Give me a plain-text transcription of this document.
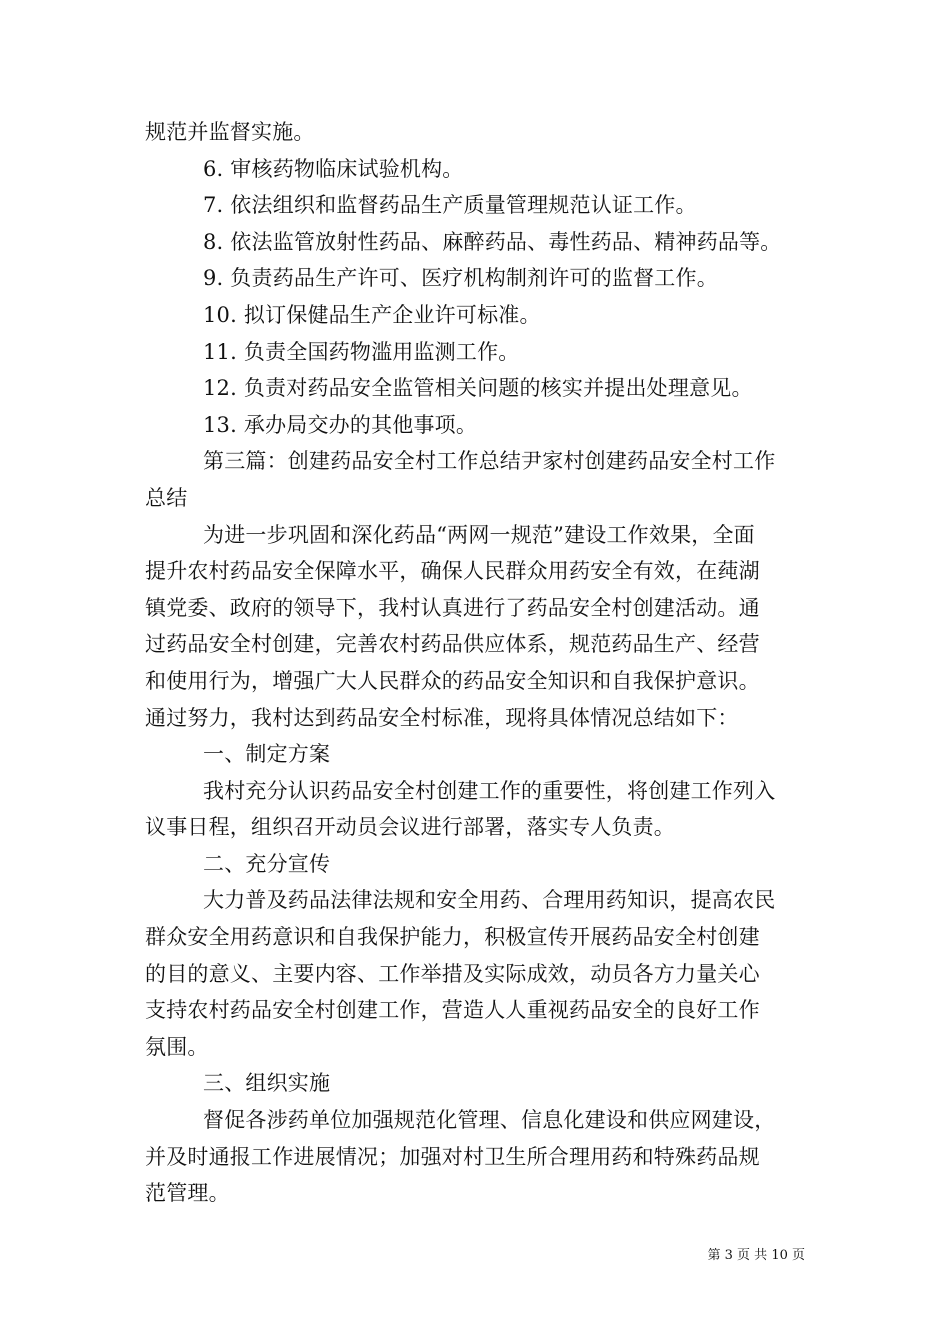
规范并监督实施。
6. 审核药物临床试验机构。
7. 依法组织和监督药品生产质量管理规范认证工作。
8. 依法监管放射性药品、麻醉药品、毒性药品、精神药品等。
9. 负责药品生产许可、医疗机构制剂许可的监督工作。
10. 拟订保健品生产企业许可标准。
11. 负责全国药物滥用监测工作。
12. 负责对药品安全监管相关问题的核实并提出处理意见。
13. 承办局交办的其他事项。
第三篇：创建药品安全村工作总结尹家村创建药品安全村工作
总结
为进一步巩固和深化药品“两网一规范”建设工作效果，全面
提升农村药品安全保障水平，确保人民群众用药安全有效，在莼湖
镇党委、政府的领导下，我村认真进行了药品安全村创建活动。通
过药品安全村创建，完善农村药品供应体系，规范药品生产、经营
和使用行为，增强广大人民群众的药品安全知识和自我保护意识。
通过努力，我村达到药品安全村标准，现将具体情况总结如下：
一、制定方案
我村充分认识药品安全村创建工作的重要性，将创建工作列入
议事日程，组织召开动员会议进行部署，落实专人负责。
二、充分宣传
大力普及药品法律法规和安全用药、合理用药知识，提高农民
群众安全用药意识和自我保护能力，积极宣传开展药品安全村创建
的目的意义、主要内容、工作举措及实际成效，动员各方力量关心
支持农村药品安全村创建工作，营造人人重视药品安全的良好工作
氛围。
三、组织实施
督促各涉药单位加强规范化管理、信息化建设和供应网建设，
并及时通报工作进展情况；加强对村卫生所合理用药和特殊药品规
范管理。
第 3 页 共 10 页
